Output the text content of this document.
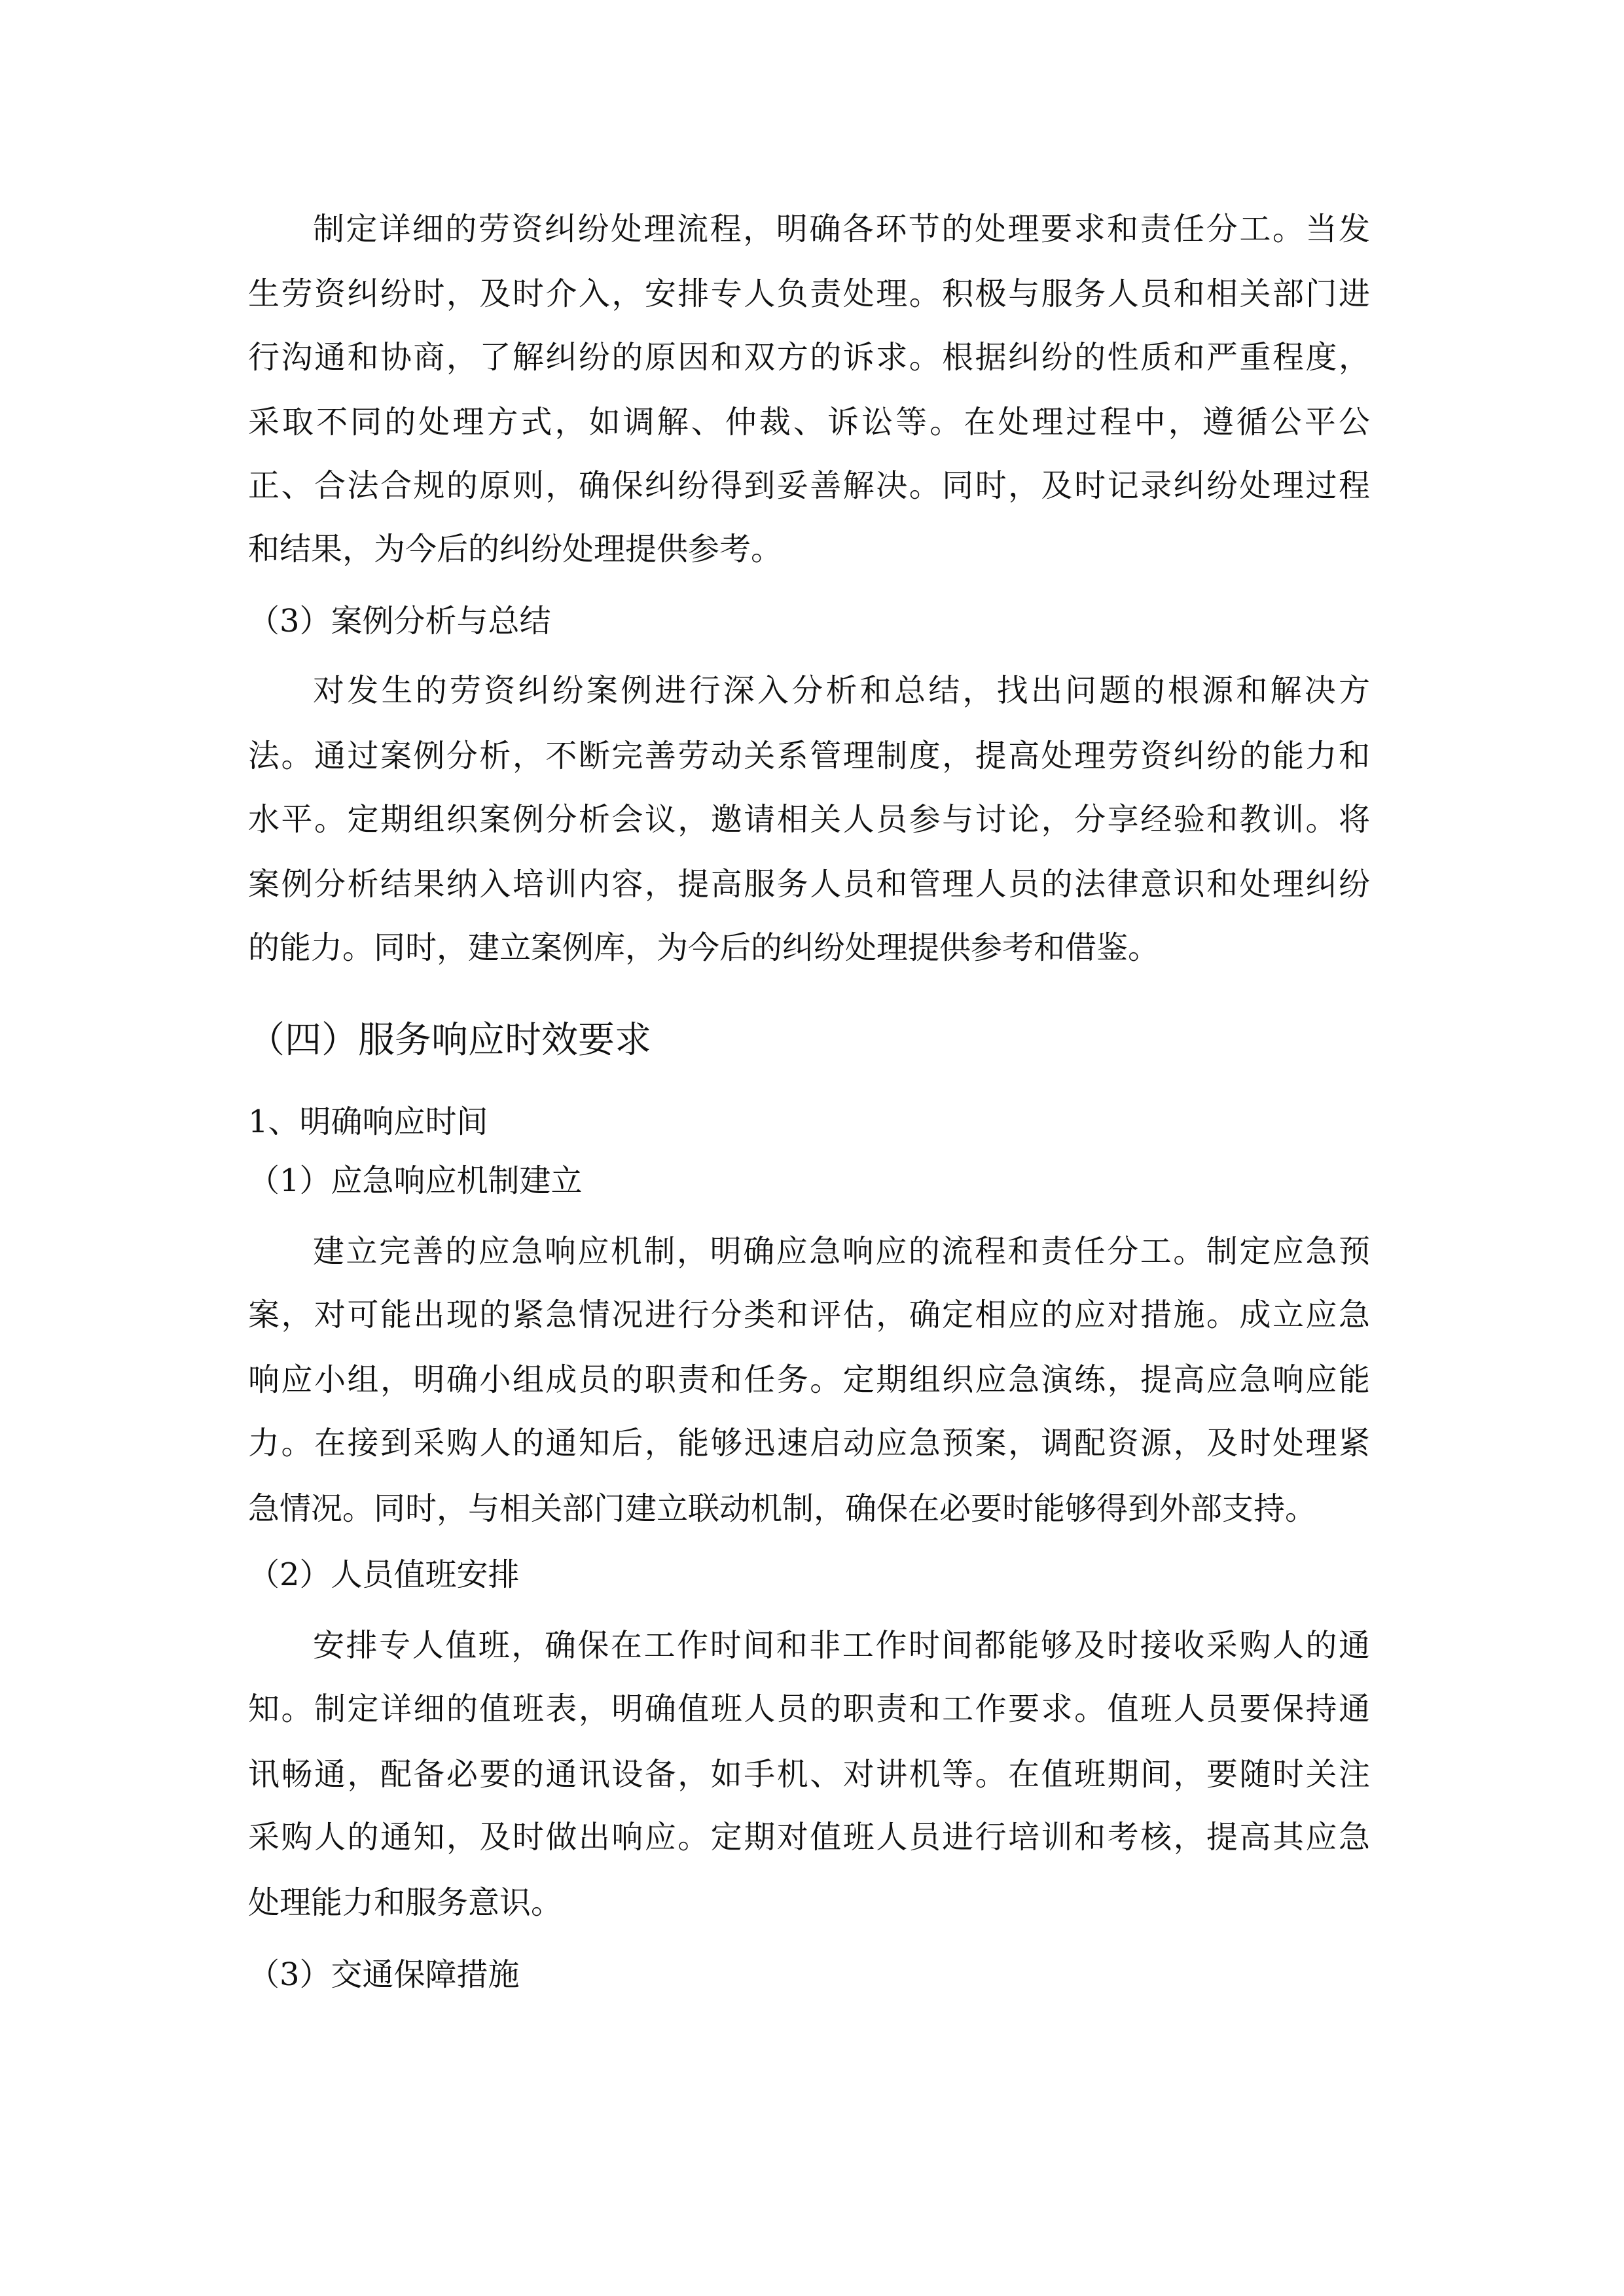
制定详细的劳资纠纷处理流程，明确各环节的处理要求和责任分工。当发
生劳资纠纷时，及时介入，安排专人负责处理。积极与服务人员和相关部门进
行沟通和协商，了解纠纷的原因和双方的诉求。根据纠纷的性质和严重程度，
采取不同的处理方式，如调解、仲裁、诉讼等。在处理过程中，遵循公平公
正、合法合规的原则，确保纠纷得到妥善解决。同时，及时记录纠纷处理过程
和结果，为今后的纠纷处理提供参考。
（3）案例分析与总结
对发生的劳资纠纷案例进行深入分析和总结，找出问题的根源和解决方
法。通过案例分析，不断完善劳动关系管理制度，提高处理劳资纠纷的能力和
水平。定期组织案例分析会议，邀请相关人员参与讨论，分享经验和教训。将
案例分析结果纳入培训内容，提高服务人员和管理人员的法律意识和处理纠纷
的能力。同时，建立案例库，为今后的纠纷处理提供参考和借鉴。
（四）服务响应时效要求
1、明确响应时间
（1）应急响应机制建立
建立完善的应急响应机制，明确应急响应的流程和责任分工。制定应急预
案，对可能出现的紧急情况进行分类和评估，确定相应的应对措施。成立应急
响应小组，明确小组成员的职责和任务。定期组织应急演练，提高应急响应能
力。在接到采购人的通知后，能够迅速启动应急预案，调配资源，及时处理紧
急情况。同时，与相关部门建立联动机制，确保在必要时能够得到外部支持。
（2）人员值班安排
安排专人值班，确保在工作时间和非工作时间都能够及时接收采购人的通
知。制定详细的值班表，明确值班人员的职责和工作要求。值班人员要保持通
讯畅通，配备必要的通讯设备，如手机、对讲机等。在值班期间，要随时关注
采购人的通知，及时做出响应。定期对值班人员进行培训和考核，提高其应急
处理能力和服务意识。
（3）交通保障措施
